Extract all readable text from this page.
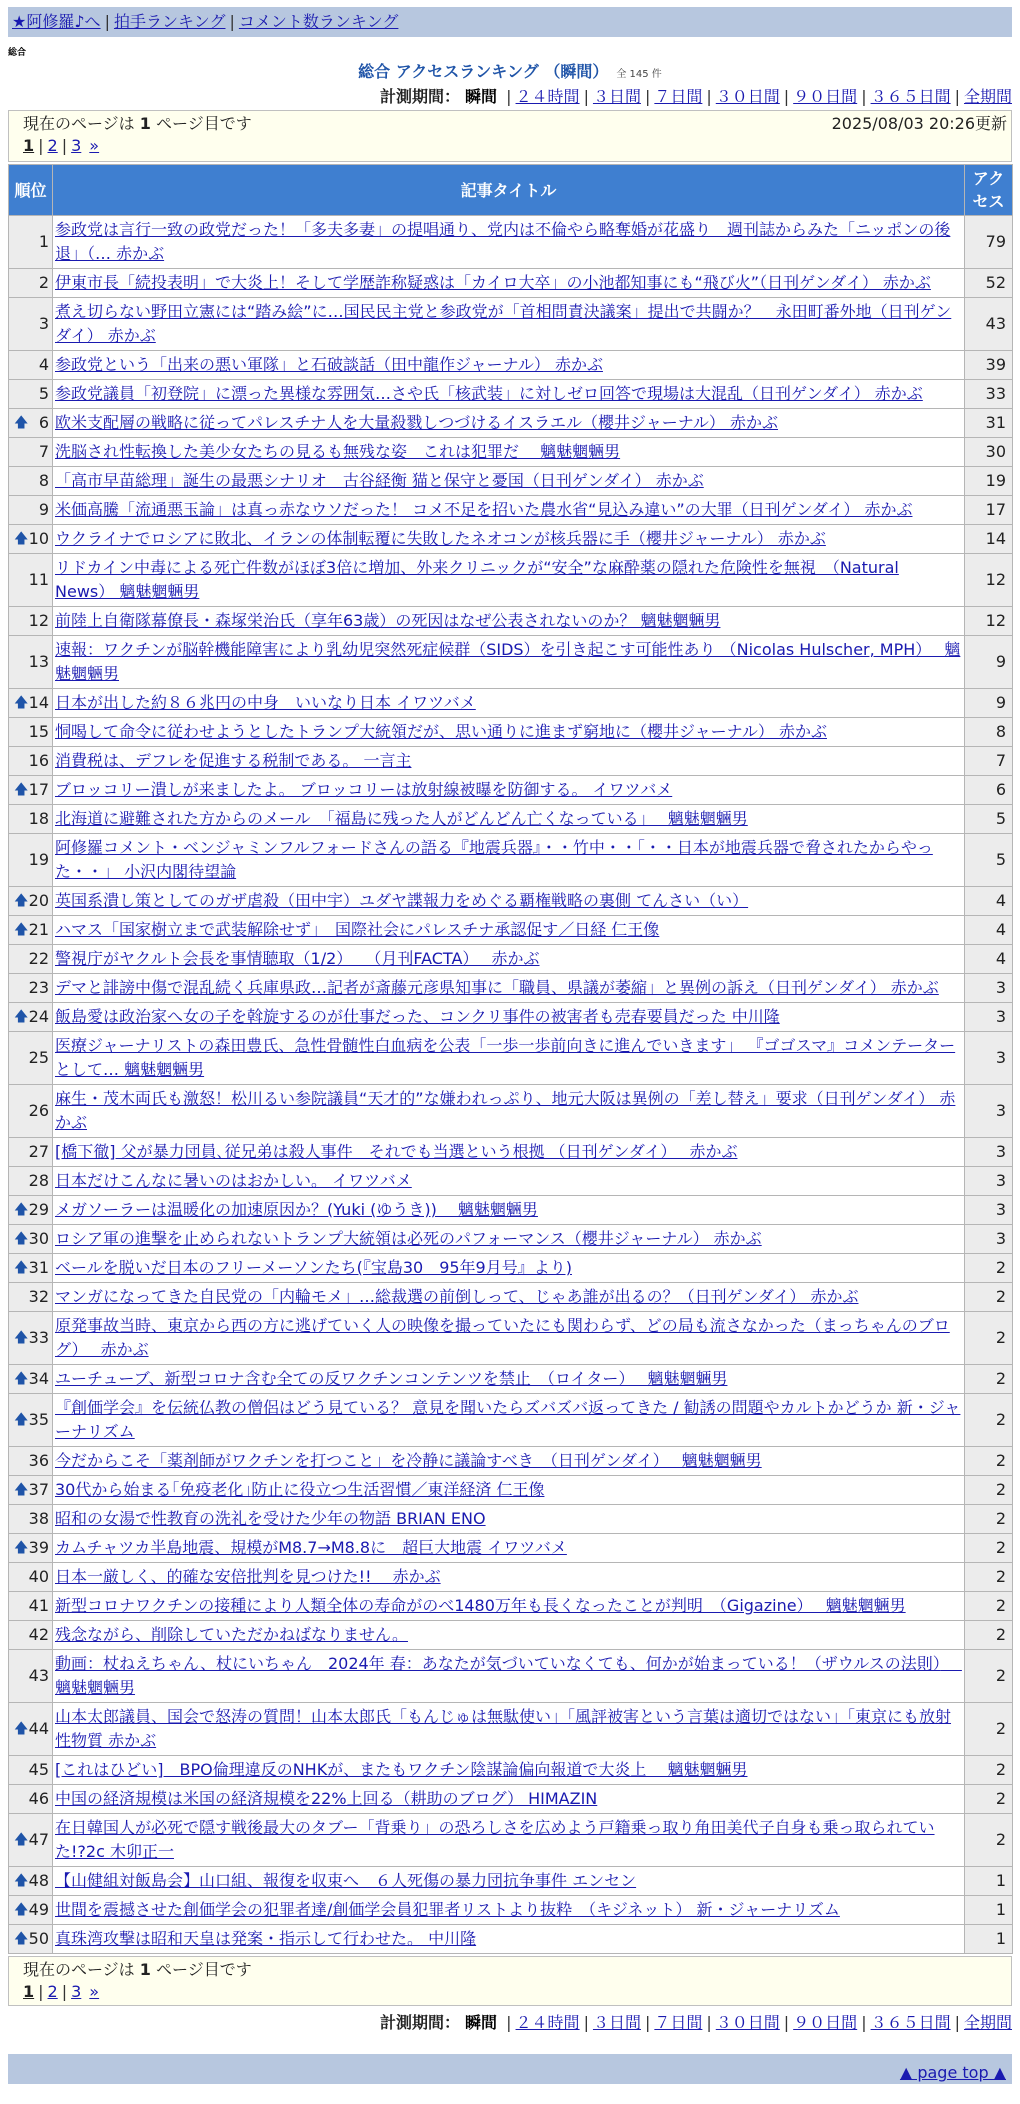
★阿修羅♪へ | 拍手ランキング | コメント数ランキング
総合
総合 アクセスランキング （瞬間） 全 145 件
計測期間： 瞬間 | ２４時間 | ３日間 | ７日間 | ３０日間 | ９０日間 | ３６５日間 | 全期間
現在のページは 1 ページ目です	2025/08/03 20:26更新
1 | 2 | 3 »
順位	記事タイトル	アクセス
1	参政党は言行一致の政党だった！「多夫多妻」の提唱通り、党内は不倫やら略奪婚が花盛り　週刊誌からみた「ニッポンの後退」（… 赤かぶ	79
2	伊東市長「続投表明」で大炎上！そして学歴詐称疑惑は「カイロ大卒」の小池都知事にも“飛び火”（日刊ゲンダイ） 赤かぶ	52
3	煮え切らない野田立憲には“踏み絵”に…国民民主党と参政党が「首相問責決議案」提出で共闘か？　永田町番外地（日刊ゲンダイ） 赤かぶ	43
4	参政党という「出来の悪い軍隊」と石破談話（田中龍作ジャーナル） 赤かぶ	39
5	参政党議員「初登院」に漂った異様な雰囲気…さや氏「核武装」に対しゼロ回答で現場は大混乱（日刊ゲンダイ） 赤かぶ	33

🡅 6	欧米支配層の戦略に従ってパレスチナ人を大量殺戮しつづけるイスラエル（櫻井ジャーナル） 赤かぶ	31
7	洗脳され性転換した美少女たちの見るも無残な姿　これは犯罪だ　 魑魅魍魎男	30
8	「高市早苗総理」誕生の最悪シナリオ　古谷経衡 猫と保守と憂国（日刊ゲンダイ） 赤かぶ	19
9	米価高騰「流通悪玉論」は真っ赤なウソだった！ コメ不足を招いた農水省“見込み違い”の大罪（日刊ゲンダイ） 赤かぶ	17

🡅 10	ウクライナでロシアに敗北、イランの体制転覆に失敗したネオコンが核兵器に手（櫻井ジャーナル） 赤かぶ	14
11	リドカイン中毒による死亡件数がほぼ3倍に増加、外来クリニックが“安全”な麻酔薬の隠れた危険性を無視　（Natural News） 魑魅魍魎男	12
12	前陸上自衛隊幕僚長・森塚栄治氏（享年63歳）の死因はなぜ公表されないのか？ 魑魅魍魎男	12
13	速報：ワクチンが脳幹機能障害により乳幼児突然死症候群（SIDS）を引き起こす可能性あり （Nicolas Hulscher, MPH）　 魑魅魍魎男	9

🡅 14	日本が出した約８６兆円の中身　いいなり日本 イワツバメ	9
15	恫喝して命令に従わせようとしたトランプ大統領だが、思い通りに進まず窮地に（櫻井ジャーナル） 赤かぶ	8
16	消費税は、デフレを促進する税制である。 一言主	7

🡅 17	ブロッコリー潰しが来ましたよ。 ブロッコリーは放射線被曝を防御する。 イワツバメ	6
18	北海道に避難された方からのメール　「福島に残った人がどんどん亡くなっている」　 魑魅魍魎男	5
19	阿修羅コメント・ベンジャミンフルフォードさんの語る『地震兵器』・・竹中・・「・・日本が地震兵器で脅されたからやった・・」 小沢内閣待望論	5

🡅 20	英国系潰し策としてのガザ虐殺（田中宇）ユダヤ諜報力をめぐる覇権戦略の裏側 てんさい（い）	4

🡅 21	ハマス「国家樹立まで武装解除せず」　国際社会にパレスチナ承認促す／日経 仁王像	4
22	警視庁がヤクルト会長を事情聴取（1/2）　 （月刊FACTA）　 赤かぶ	4
23	デマと誹謗中傷で混乱続く兵庫県政…記者が斎藤元彦県知事に「職員、県議が萎縮」と異例の訴え（日刊ゲンダイ） 赤かぶ	3

🡅 24	飯島愛は政治家へ女の子を斡旋するのが仕事だった、コンクリ事件の被害者も売春要員だった 中川隆	3
25	医療ジャーナリストの森田豊氏、急性骨髄性白血病を公表「一歩一歩前向きに進んでいきます」 『ゴゴスマ』コメンテーターとして… 魑魅魍魎男	3
26	麻生・茂木両氏も激怒！松川るい参院議員“天才的”な嫌われっぷり、地元大阪は異例の「差し替え」要求（日刊ゲンダイ） 赤かぶ	3
27	[橋下徹] 父が暴力団員､従兄弟は殺人事件　それでも当選という根拠 （日刊ゲンダイ）　 赤かぶ	3
28	日本だけこんなに暑いのはおかしい。 イワツバメ	3

🡅 29	メガソーラーは温暖化の加速原因か？(Yuki (ゆうき))　 魑魅魍魎男	3

🡅 30	ロシア軍の進撃を止められないトランプ大統領は必死のパフォーマンス（櫻井ジャーナル） 赤かぶ	3

🡅 31	ベールを脱いだ日本のフリーメーソンたち(『宝島30　95年9月号』より)	2
32	マンガになってきた自民党の「内輪モメ」…総裁選の前倒しって、じゃあ誰が出るの？（日刊ゲンダイ） 赤かぶ	2

🡅 33	原発事故当時、東京から西の方に逃げていく人の映像を撮っていたにも関わらず、どの局も流さなかった（まっちゃんのブログ）　 赤かぶ	2

🡅 34	ユーチューブ、新型コロナ含む全ての反ワクチンコンテンツを禁止　（ロイター）　 魑魅魍魎男	2

🡅 35	『創価学会』を伝統仏教の僧侶はどう見ている？ 意見を聞いたらズバズバ返ってきた / 勧誘の問題やカルトかどうか 新・ジャーナリズム	2
36	今だからこそ「薬剤師がワクチンを打つこと」を冷静に議論すべき　（日刊ゲンダイ）　 魑魅魍魎男	2

🡅 37	30代から始まる｢免疫老化｣防止に役立つ生活習慣／東洋経済 仁王像	2
38	昭和の女湯で性教育の洗礼を受けた少年の物語 BRIAN ENO	2

🡅 39	カムチャツカ半島地震、規模がM8.7→M8.8に　超巨大地震 イワツバメ	2
40	日本一厳しく、的確な安倍批判を見つけた!!　 赤かぶ	2
41	新型コロナワクチンの接種により人類全体の寿命がのべ1480万年も長くなったことが判明　（Gigazine）　 魑魅魍魎男	2
42	残念ながら、削除していただかねばなりません。	2
43	動画：杖ねえちゃん、杖にいちゃん　2024年 春：あなたが気づいていなくても、何かが始まっている！（ザウルスの法則）　 魑魅魍魎男	2

🡅 44	山本太郎議員、国会で怒涛の質問！山本太郎氏「もんじゅは無駄使い」「風評被害という言葉は適切ではない」「東京にも放射性物質 赤かぶ	2
45	[これはひどい]　BPO倫理違反のNHKが、またもワクチン陰謀論偏向報道で大炎上　 魑魅魍魎男	2
46	中国の経済規模は米国の経済規模を22%上回る（耕助のブログ） HIMAZIN	2

🡅 47	在日韓国人が必死で隠す戦後最大のタブー「背乗り」の恐ろしさを広めよう戸籍乗っ取り角田美代子自身も乗っ取られていた!?2c 木卯正一	2

🡅 48	【山健組対飯島会】山口組、報復を収束へ　６人死傷の暴力団抗争事件 エンセン	1

🡅 49	世間を震撼させた創価学会の犯罪者達/創価学会員犯罪者リストより抜粋　（キジネット） 新・ジャーナリズム	1

🡅 50	真珠湾攻撃は昭和天皇は発案・指示して行わせた。 中川隆	1
現在のページは 1 ページ目です
1 | 2 | 3 »
計測期間： 瞬間 | ２４時間 | ３日間 | ７日間 | ３０日間 | ９０日間 | ３６５日間 | 全期間
▲ page top ▲
